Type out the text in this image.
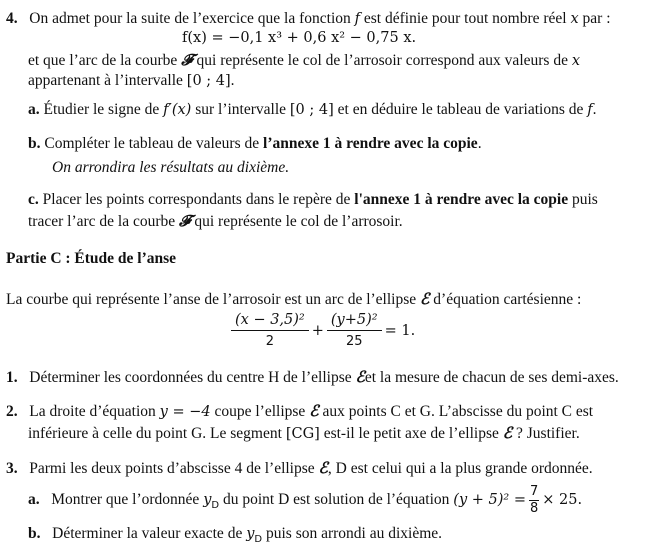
4. On admet pour la suite de l’exercice que la fonction f est définie pour tout nombre réel x par :
f(x) = −0,1 x³ + 0,6 x² − 0,75 x.
et que l’arc de la courbe 𝓕 qui représente le col de l’arrosoir correspond aux valeurs de x
appartenant à l’intervalle [0 ; 4].
a. Étudier le signe de f′(x) sur l’intervalle [0 ; 4] et en déduire le tableau de variations de f.
b. Compléter le tableau de valeurs de l’annexe 1 à rendre avec la copie.
On arrondira les résultats au dixième.
c. Placer les points correspondants dans le repère de l'annexe 1 à rendre avec la copie puis
tracer l’arc de la courbe 𝓕 qui représente le col de l’arrosoir.
Partie C : Étude de l’anse
La courbe qui représente l’anse de l’arrosoir est un arc de l’ellipse ℰ d’équation cartésienne :
$\frac{\text{(x − 3,5)²}}{2} + \frac{\text{(y+5)²}}{25} = 1$.
1. Déterminer les coordonnées du centre H de l’ellipse ℰet la mesure de chacun de ses demi-axes.
2. La droite d’équation y = −4 coupe l’ellipse ℰ aux points C et G. L’abscisse du point C est
inférieure à celle du point G. Le segment [CG] est-il le petit axe de l’ellipse ℰ ? Justifier.
3. Parmi les deux points d’abscisse 4 de l’ellipse ℰ, D est celui qui a la plus grande ordonnée.
a. Montrer que l’ordonnée $y_D$ du point D est solution de l’équation $(y + 5)^2 = \frac{7}{8} \times 25$.
b. Déterminer la valeur exacte de $y_D$ puis son arrondi au dixième.
